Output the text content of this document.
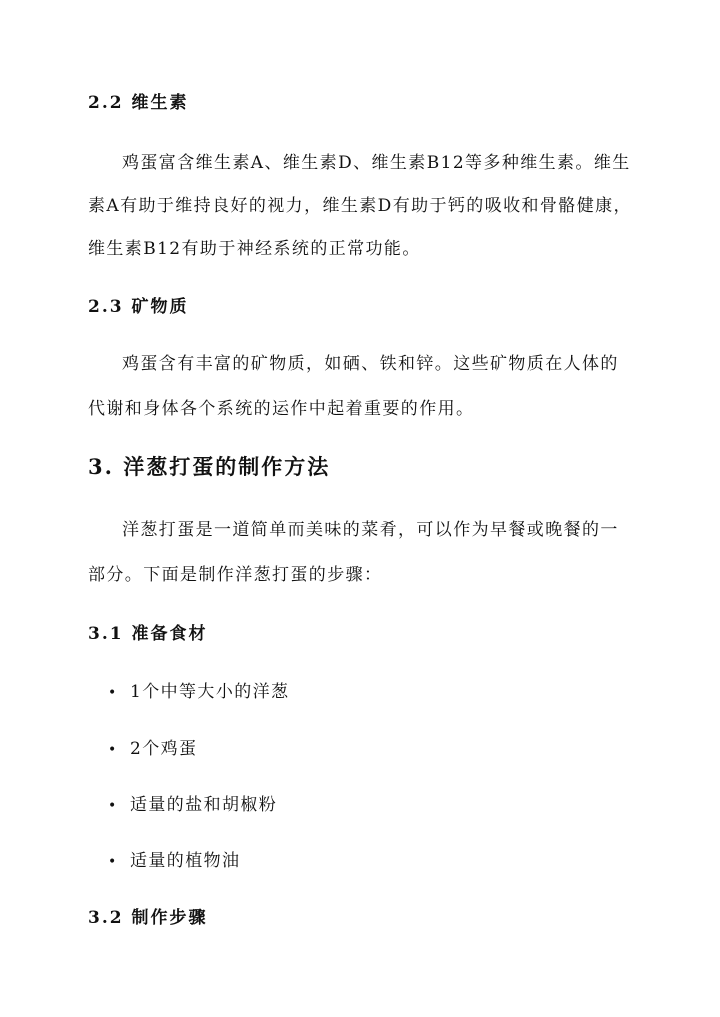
2.2 维生素
鸡蛋富含维生素A、维生素D、维生素B12等多种维生素。维生
素A有助于维持良好的视力，维生素D有助于钙的吸收和骨骼健康，
维生素B12有助于神经系统的正常功能。
2.3 矿物质
鸡蛋含有丰富的矿物质，如硒、铁和锌。这些矿物质在人体的
代谢和身体各个系统的运作中起着重要的作用。
3. 洋葱打蛋的制作方法
洋葱打蛋是一道简单而美味的菜肴，可以作为早餐或晚餐的一
部分。下面是制作洋葱打蛋的步骤：
3.1 准备食材
• 1个中等大小的洋葱
• 2个鸡蛋
• 适量的盐和胡椒粉
• 适量的植物油
3.2 制作步骤
